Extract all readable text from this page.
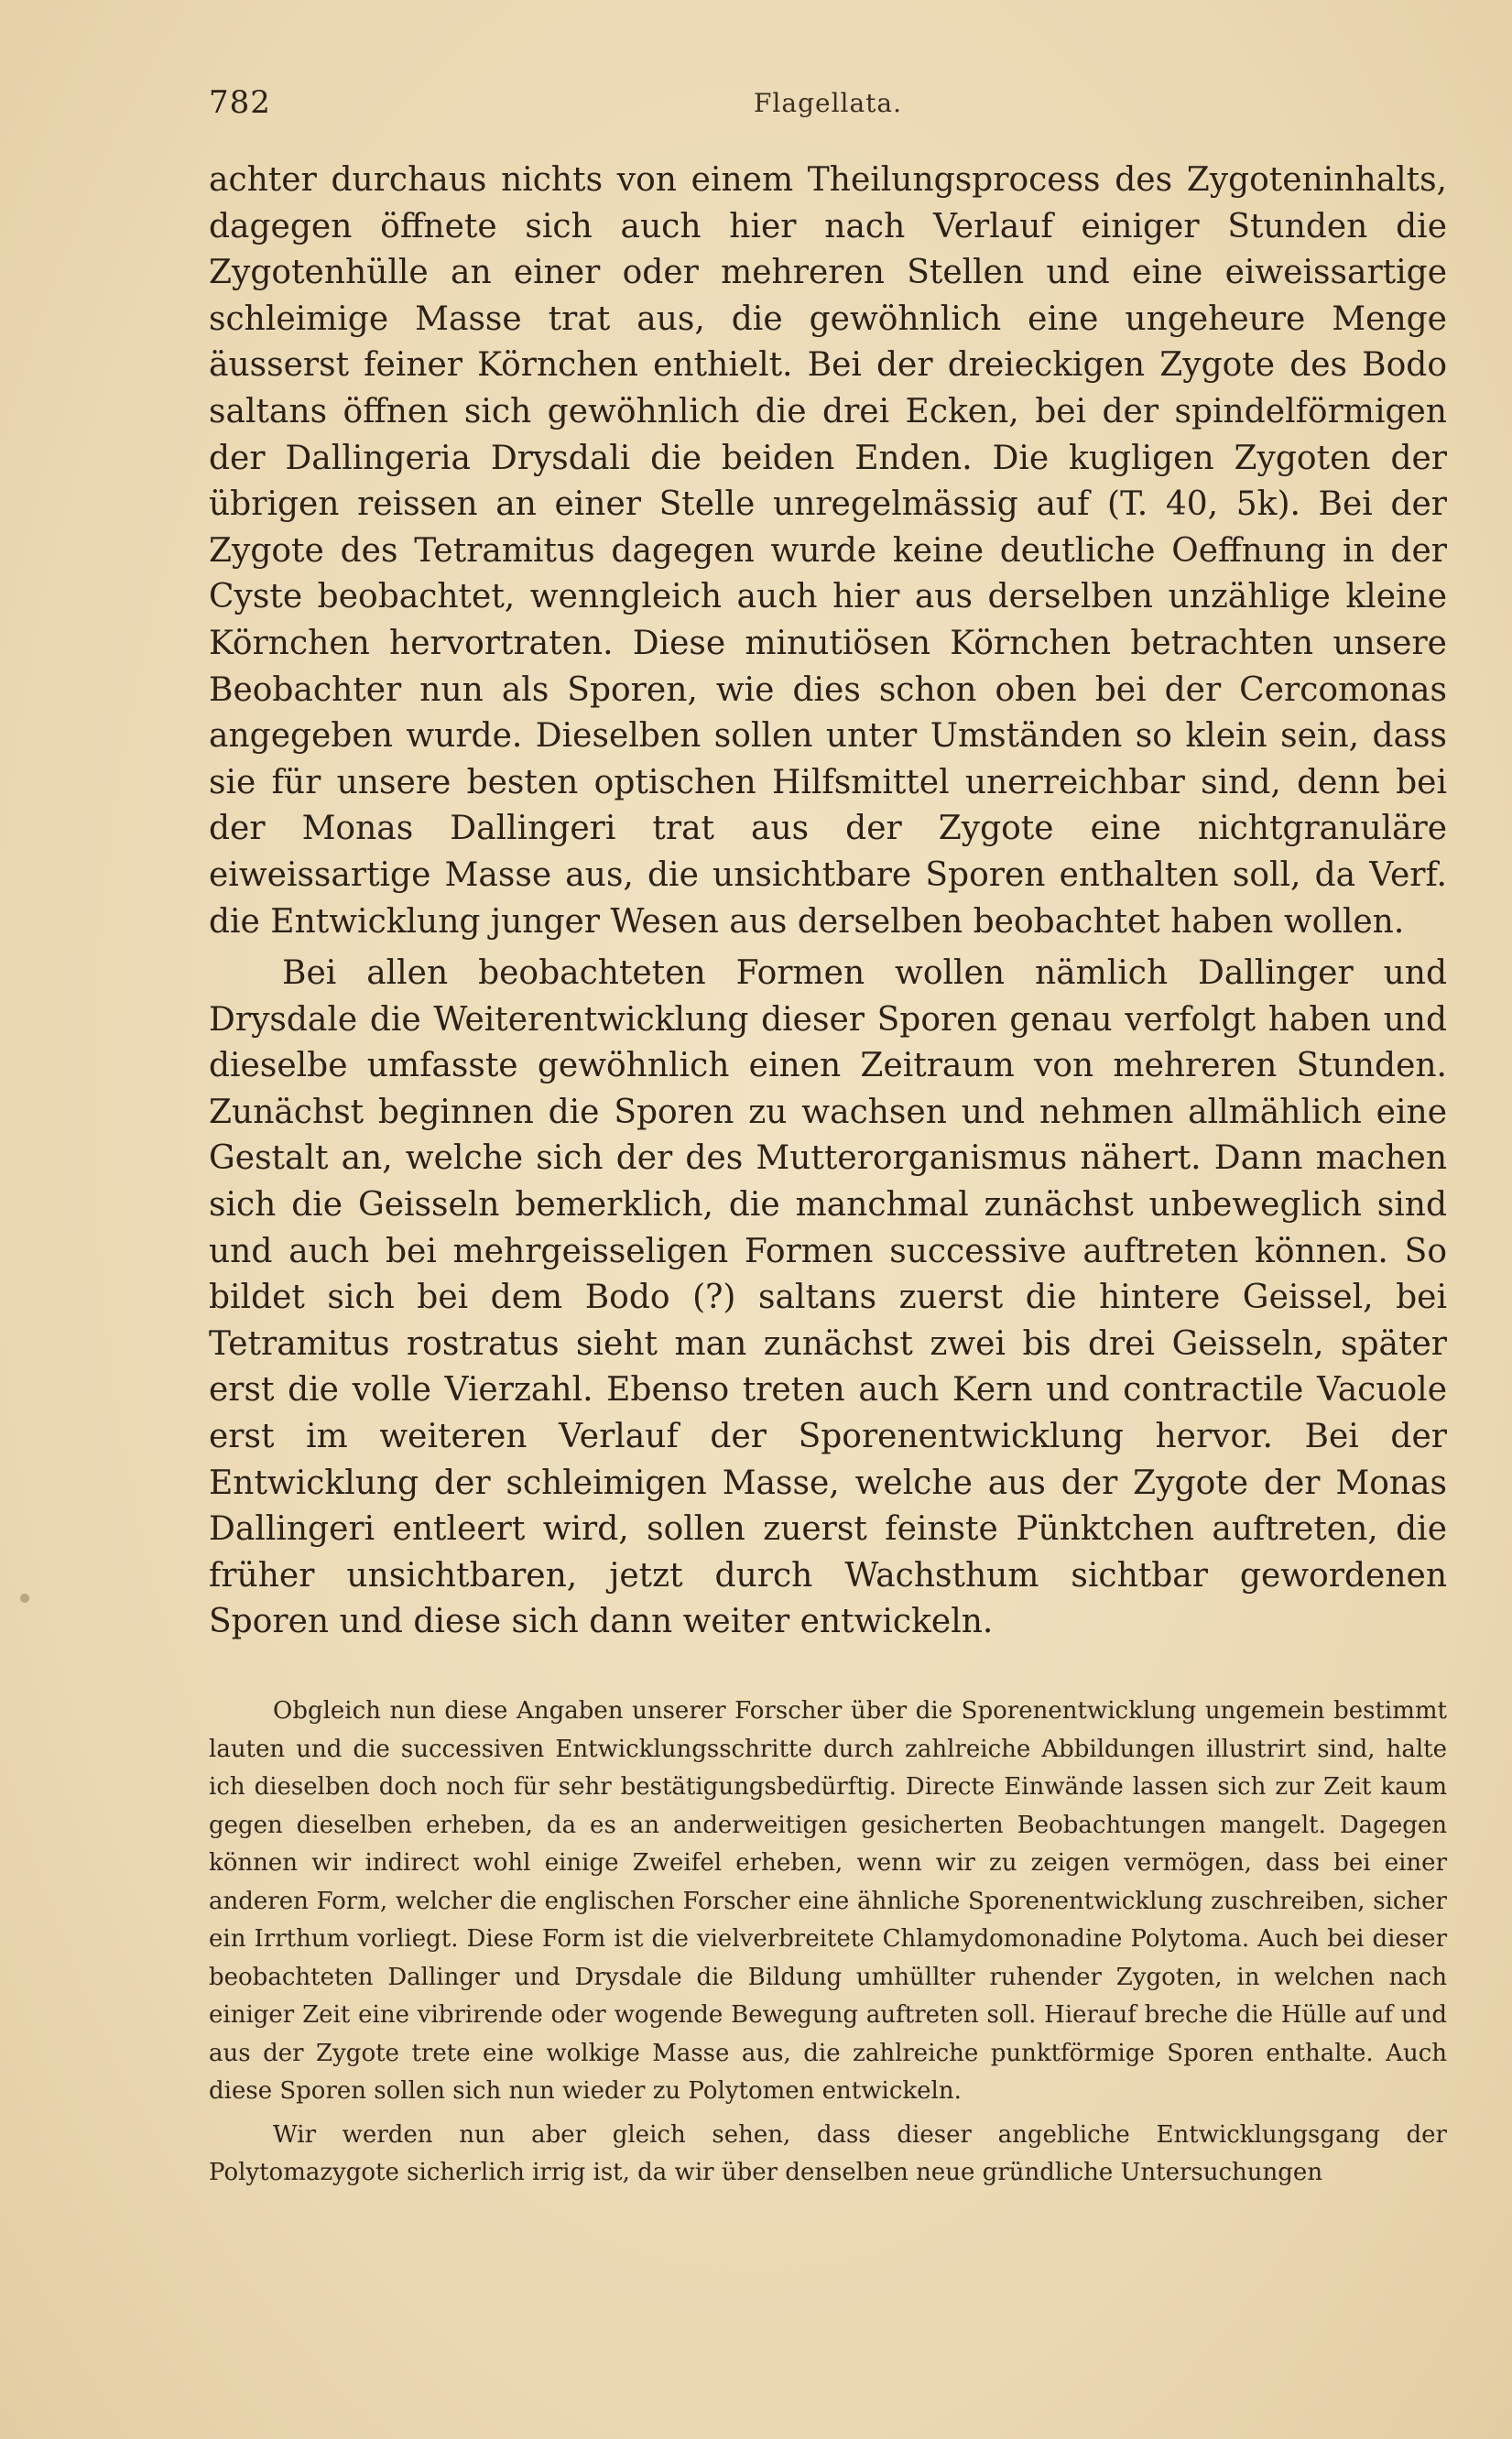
782	Flagellata.

achter durchaus nichts von einem Theilungsprocess des Zygoteninhalts, dagegen öffnete sich auch hier nach Verlauf einiger Stunden die Zygotenhülle an einer oder mehreren Stellen und eine eiweissartige schleimige Masse trat aus, die gewöhnlich eine ungeheure Menge äusserst feiner Körnchen enthielt. Bei der dreieckigen Zygote des Bodo saltans öffnen sich gewöhnlich die drei Ecken, bei der spindelförmigen der Dallingeria Drysdali die beiden Enden. Die kugligen Zygoten der übrigen reissen an einer Stelle unregelmässig auf (T. 40, 5k). Bei der Zygote des Tetramitus dagegen wurde keine deutliche Oeffnung in der Cyste beobachtet, wenngleich auch hier aus derselben unzählige kleine Körnchen hervortraten. Diese minutiösen Körnchen betrachten unsere Beobachter nun als Sporen, wie dies schon oben bei der Cercomonas angegeben wurde. Dieselben sollen unter Umständen so klein sein, dass sie für unsere besten optischen Hilfsmittel unerreichbar sind, denn bei der Monas Dallingeri trat aus der Zygote eine nichtgranuläre eiweissartige Masse aus, die unsichtbare Sporen enthalten soll, da Verf. die Entwicklung junger Wesen aus derselben beobachtet haben wollen.

Bei allen beobachteten Formen wollen nämlich Dallinger und Drysdale die Weiterentwicklung dieser Sporen genau verfolgt haben und dieselbe umfasste gewöhnlich einen Zeitraum von mehreren Stunden. Zunächst beginnen die Sporen zu wachsen und nehmen allmählich eine Gestalt an, welche sich der des Mutterorganismus nähert. Dann machen sich die Geisseln bemerklich, die manchmal zunächst unbeweglich sind und auch bei mehrgeisseligen Formen successive auftreten können. So bildet sich bei dem Bodo (?) saltans zuerst die hintere Geissel, bei Tetramitus rostratus sieht man zunächst zwei bis drei Geisseln, später erst die volle Vierzahl. Ebenso treten auch Kern und contractile Vacuole erst im weiteren Verlauf der Sporenentwicklung hervor. Bei der Entwicklung der schleimigen Masse, welche aus der Zygote der Monas Dallingeri entleert wird, sollen zuerst feinste Pünktchen auftreten, die früher unsichtbaren, jetzt durch Wachsthum sichtbar gewordenen Sporen und diese sich dann weiter entwickeln.

Obgleich nun diese Angaben unserer Forscher über die Sporenentwicklung ungemein bestimmt lauten und die successiven Entwicklungsschritte durch zahlreiche Abbildungen illustrirt sind, halte ich dieselben doch noch für sehr bestätigungsbedürftig. Directe Einwände lassen sich zur Zeit kaum gegen dieselben erheben, da es an anderweitigen gesicherten Beobachtungen mangelt. Dagegen können wir indirect wohl einige Zweifel erheben, wenn wir zu zeigen vermögen, dass bei einer anderen Form, welcher die englischen Forscher eine ähnliche Sporenentwicklung zuschreiben, sicher ein Irrthum vorliegt. Diese Form ist die vielverbreitete Chlamydomonadine Polytoma. Auch bei dieser beobachteten Dallinger und Drysdale die Bildung umhüllter ruhender Zygoten, in welchen nach einiger Zeit eine vibrirende oder wogende Bewegung auftreten soll. Hierauf breche die Hülle auf und aus der Zygote trete eine wolkige Masse aus, die zahlreiche punktförmige Sporen enthalte. Auch diese Sporen sollen sich nun wieder zu Polytomen entwickeln.

Wir werden nun aber gleich sehen, dass dieser angebliche Entwicklungsgang der Polytomazygote sicherlich irrig ist, da wir über denselben neue gründliche Untersuchungen
